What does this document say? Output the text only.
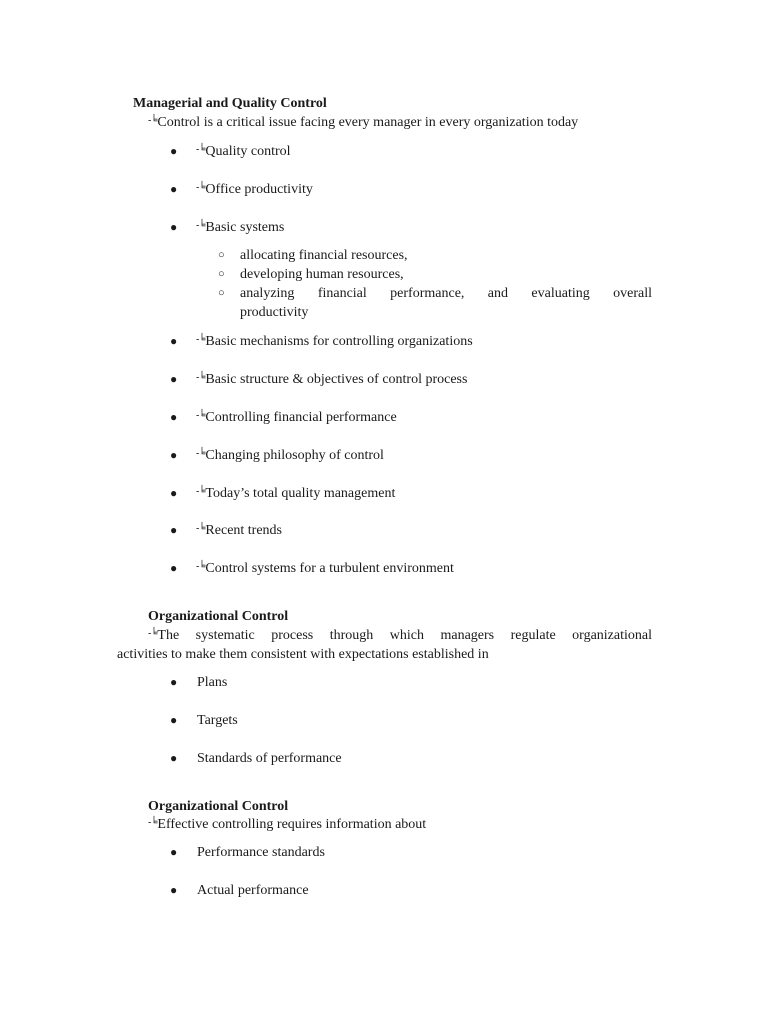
Managerial and Quality Control
-╘Control is a critical issue facing every manager in every organization today
● -╘Quality control
● -╘Office productivity
● -╘Basic systems
○ allocating financial resources,
○ developing human resources,
○ analyzing financial performance, and evaluating overall
productivity
● -╘Basic mechanisms for controlling organizations
● -╘Basic structure & objectives of control process
● -╘Controlling financial performance
● -╘Changing philosophy of control
● -╘Today’s total quality management
● -╘Recent trends
● -╘Control systems for a turbulent environment
Organizational Control
-╘The systematic process through which managers regulate organizational
activities to make them consistent with expectations established in
● Plans
● Targets
● Standards of performance
Organizational Control
-╘Effective controlling requires information about
● Performance standards
● Actual performance
